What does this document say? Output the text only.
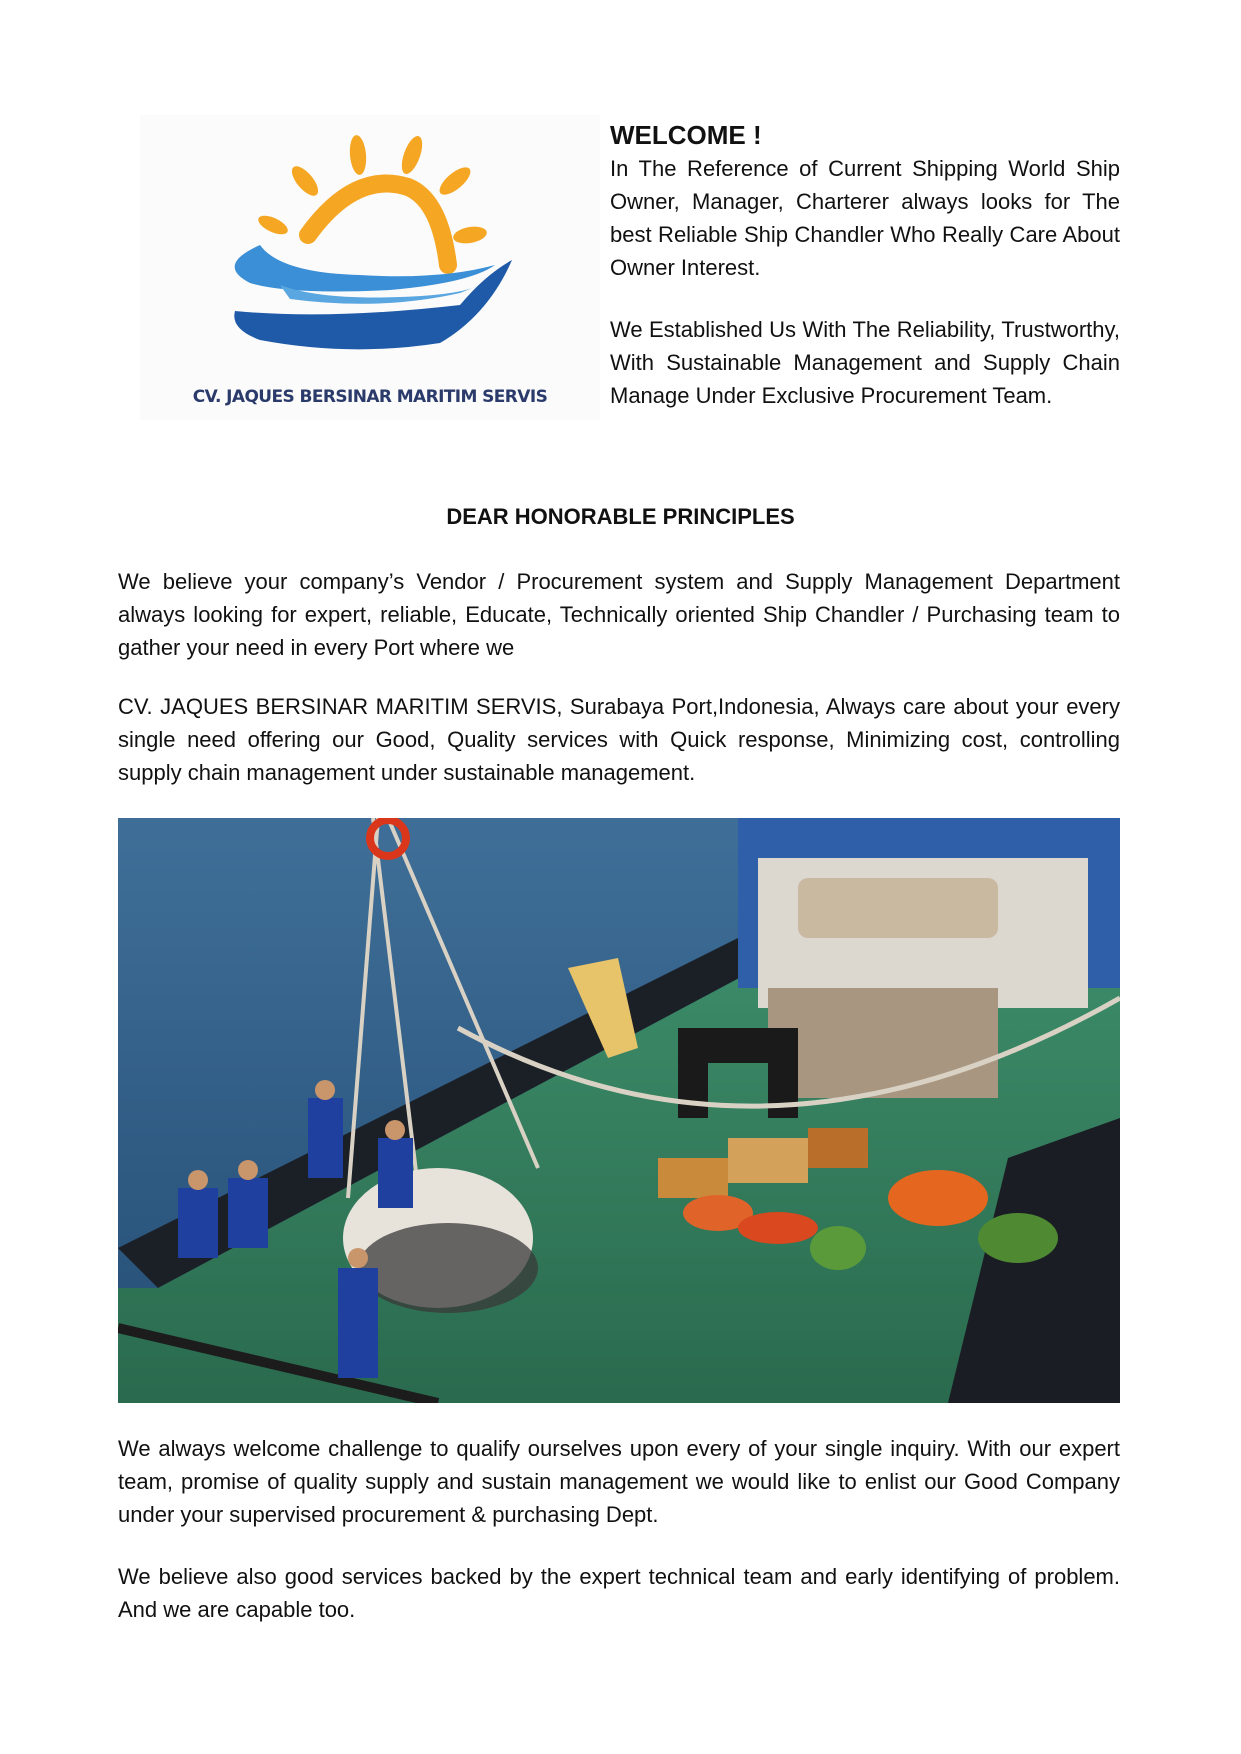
CV. JAQUES BERSINAR MARITIM SERVIS
WELCOME !

In The Reference of Current Shipping World Ship Owner, Manager, Charterer always looks for The best Reliable Ship Chandler Who Really Care About Owner Interest.

We Established Us With The Reliability, Trustworthy, With Sustainable Management and Supply Chain Manage Under Exclusive Procurement Team.

DEAR HONORABLE PRINCIPLES

We believe your company’s Vendor / Procurement system and Supply Management Department always looking for expert, reliable, Educate, Technically oriented Ship Chandler / Purchasing team to gather your need in every Port where we

CV. JAQUES BERSINAR MARITIM SERVIS, Surabaya Port,Indonesia, Always care about your every single need offering our Good, Quality services with Quick response, Minimizing cost, controlling supply chain management under sustainable management.

We always welcome challenge to qualify ourselves upon every of your single inquiry. With our expert team, promise of quality supply and sustain management we would like to enlist our Good Company under your supervised procurement & purchasing Dept.

We believe also good services backed by the expert technical team and early identifying of problem. And we are capable too.
